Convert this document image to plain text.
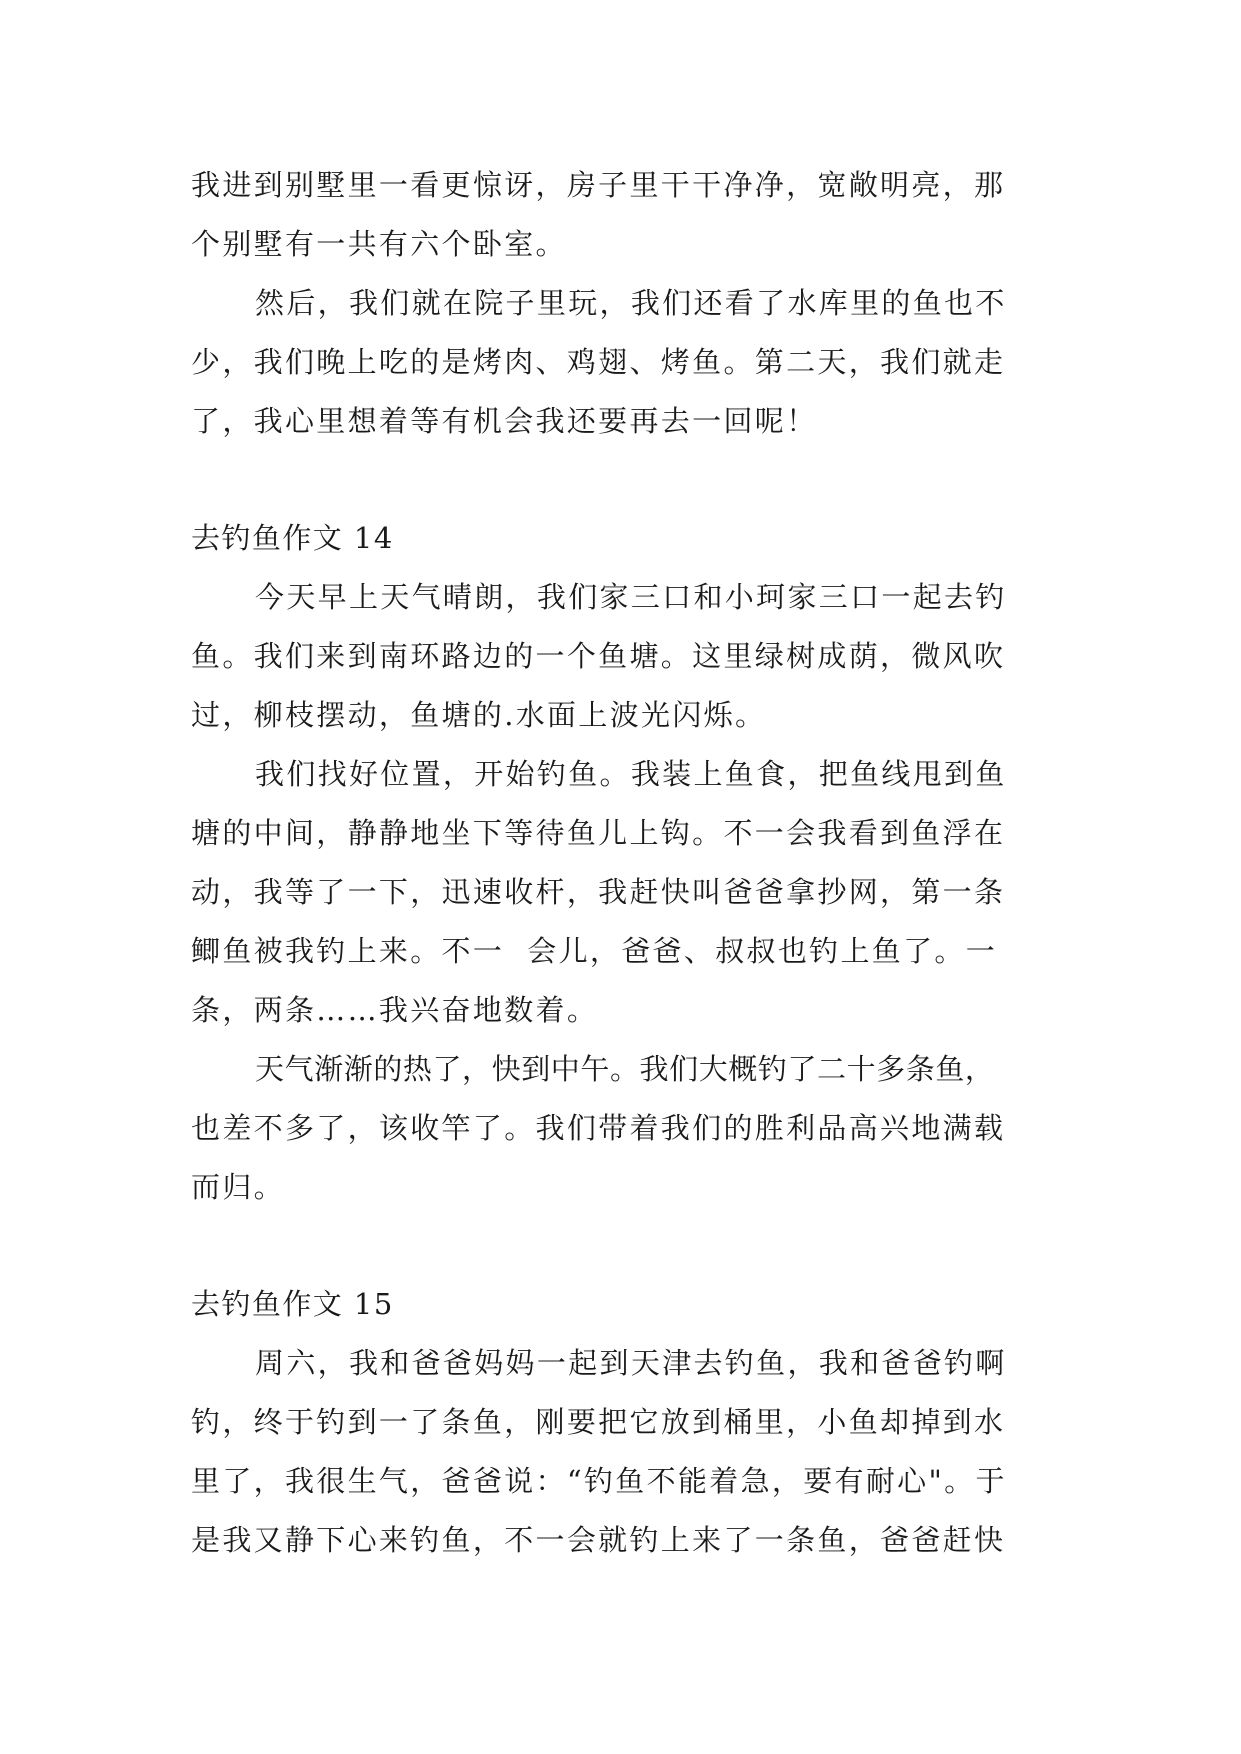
我进到别墅里一看更惊讶，房子里干干净净，宽敞明亮，那
个别墅有一共有六个卧室。
然后，我们就在院子里玩，我们还看了水库里的鱼也不
少，我们晚上吃的是烤肉、鸡翅、烤鱼。第二天，我们就走
了，我心里想着等有机会我还要再去一回呢！
去钓鱼作文 14
今天早上天气晴朗，我们家三口和小珂家三口一起去钓
鱼。我们来到南环路边的一个鱼塘。这里绿树成荫，微风吹
过，柳枝摆动，鱼塘的.水面上波光闪烁。
我们找好位置，开始钓鱼。我装上鱼食，把鱼线甩到鱼
塘的中间，静静地坐下等待鱼儿上钩。不一会我看到鱼浮在
动，我等了一下，迅速收杆，我赶快叫爸爸拿抄网，第一条
鲫鱼被我钓上来。不一  会儿，爸爸、叔叔也钓上鱼了。一
条，两条……我兴奋地数着。
天气渐渐的热了，快到中午。我们大概钓了二十多条鱼，
也差不多了，该收竿了。我们带着我们的胜利品高兴地满载
而归。
去钓鱼作文 15
周六，我和爸爸妈妈一起到天津去钓鱼，我和爸爸钓啊
钓，终于钓到一了条鱼，刚要把它放到桶里，小鱼却掉到水
里了，我很生气，爸爸说：“钓鱼不能着急，要有耐心"。于
是我又静下心来钓鱼，不一会就钓上来了一条鱼，爸爸赶快
